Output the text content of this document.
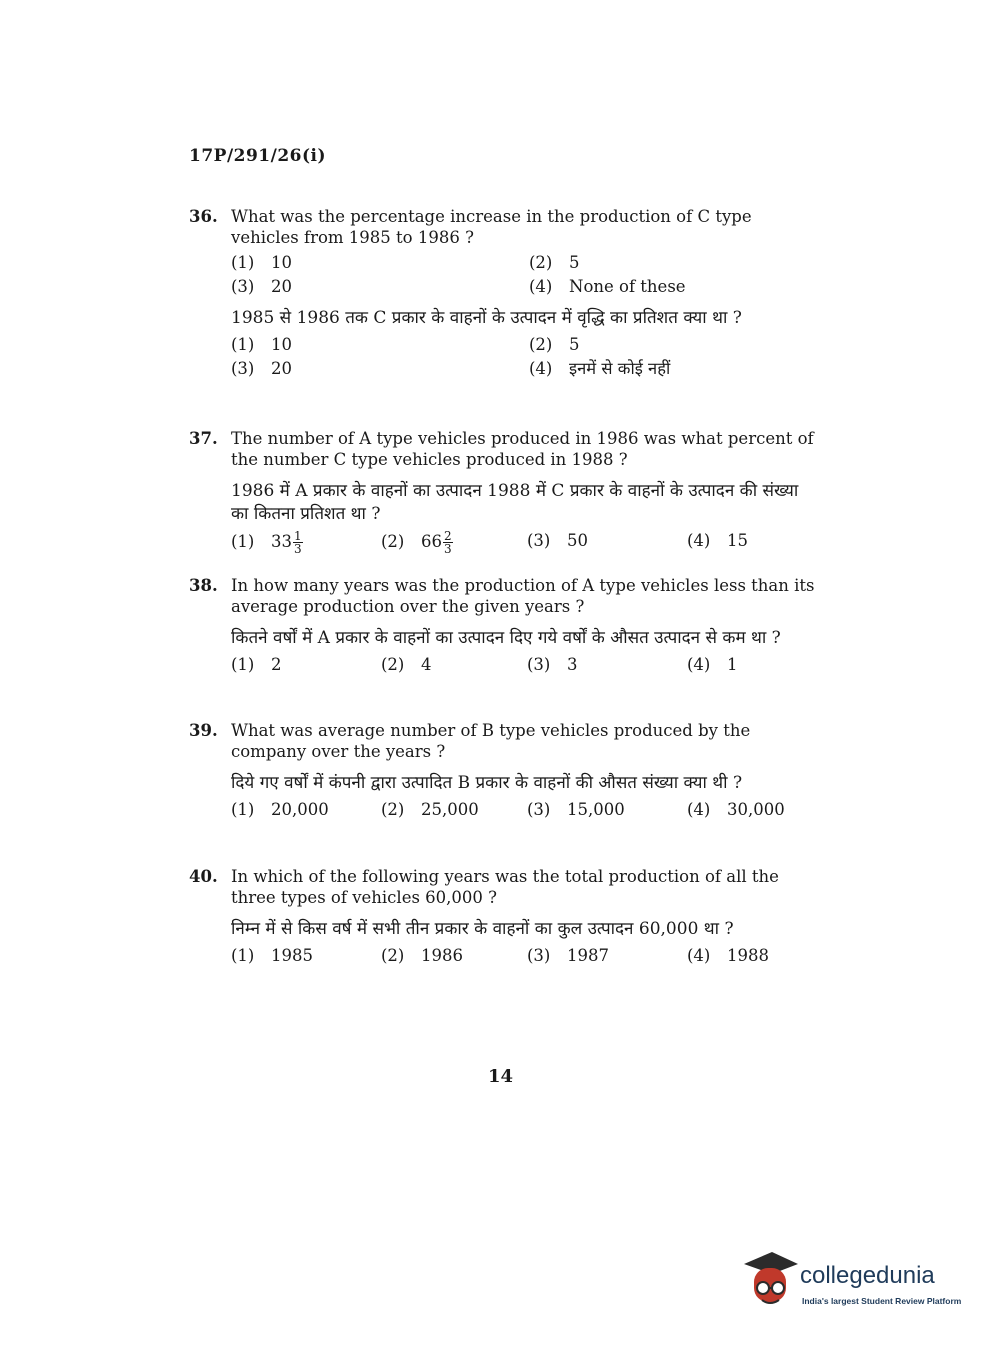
17P/291/26(i)
36. What was the percentage increase in the production of C type vehicles from 1985 to 1986 ?
(1) 10	(2) 5
(3) 20	(4) None of these
1985 से 1986 तक C प्रकार के वाहनों के उत्पादन में वृद्धि का प्रतिशत क्या था ?
(1) 10	(2) 5
(3) 20	(4) इनमें से कोई नहीं
37. The number of A type vehicles produced in 1986 was what percent of the number C type vehicles produced in 1988 ?
1986 में A प्रकार के वाहनों का उत्पादन 1988 में C प्रकार के वाहनों के उत्पादन की संख्या का कितना प्रतिशत था ?
(1) $33 \frac{1}{3}$	(2) $66 \frac{2}{3}$	(3) 50	(4) 15
38. In how many years was the production of A type vehicles less than its average production over the given years ?
कितने वर्षों में A प्रकार के वाहनों का उत्पादन दिए गये वर्षों के औसत उत्पादन से कम था ?
(1) 2	(2) 4	(3) 3	(4) 1
39. What was average number of B type vehicles produced by the company over the years ?
दिये गए वर्षों में कंपनी द्वारा उत्पादित B प्रकार के वाहनों की औसत संख्या क्या थी ?
(1) 20,000	(2) 25,000	(3) 15,000	(4) 30,000
40. In which of the following years was the total production of all the three types of vehicles 60,000 ?
निम्न में से किस वर्ष में सभी तीन प्रकार के वाहनों का कुल उत्पादन 60,000 था ?
(1) 1985	(2) 1986	(3) 1987	(4) 1988
14
collegedunia
India's largest Student Review Platform
